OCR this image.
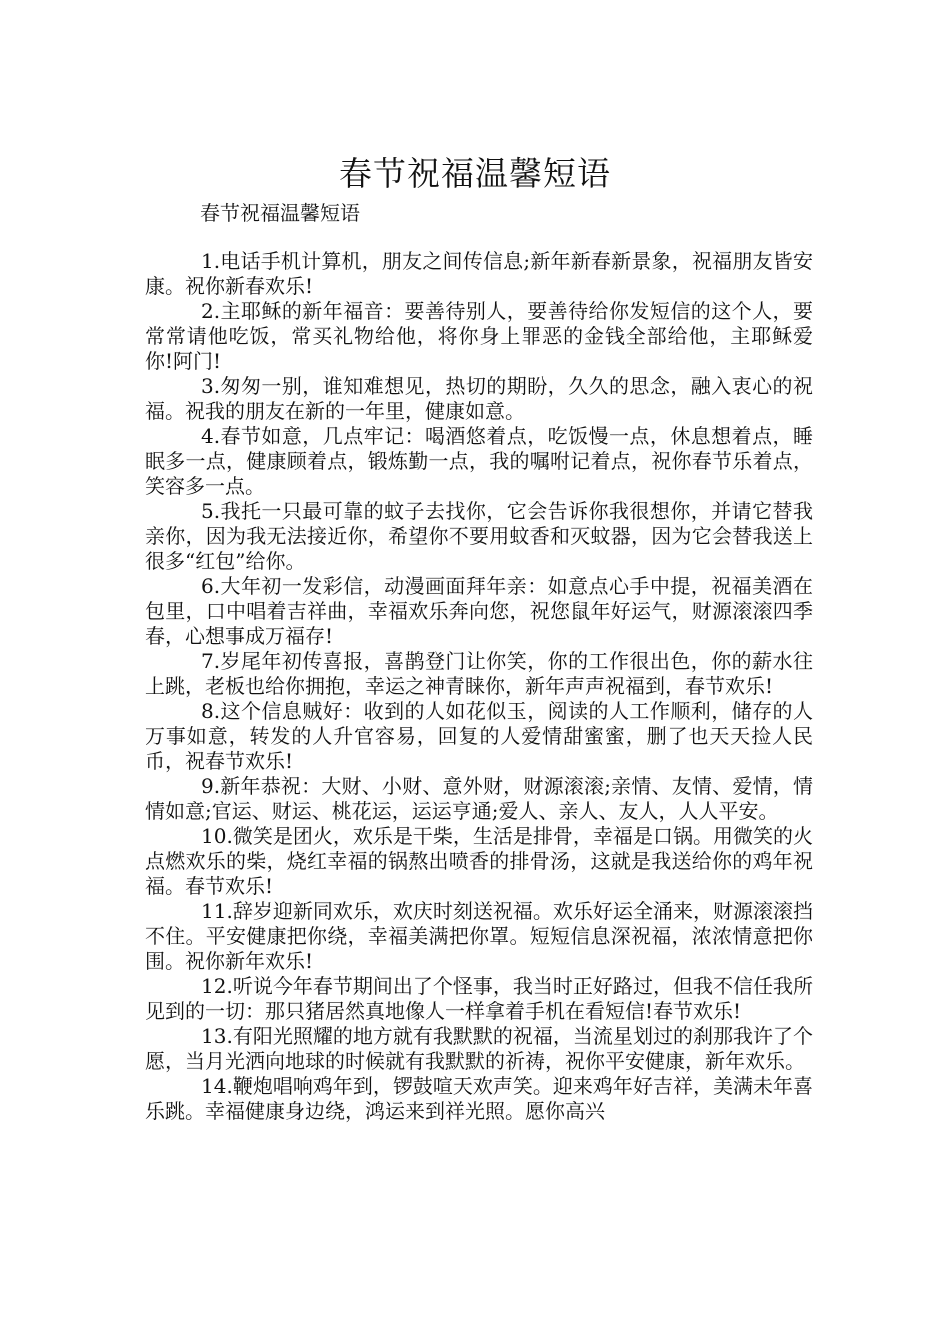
春节祝福温馨短语
春节祝福温馨短语

1.电话手机计算机，朋友之间传信息;新年新春新景象，祝福朋友皆安康。祝你新春欢乐!

2.主耶稣的新年福音：要善待别人，要善待给你发短信的这个人，要常常请他吃饭，常买礼物给他，将你身上罪恶的金钱全部给他，主耶稣爱你!阿门!

3.匆匆一别，谁知难想见，热切的期盼，久久的思念，融入衷心的祝福。祝我的朋友在新的一年里，健康如意。

4.春节如意，几点牢记：喝酒悠着点，吃饭慢一点，休息想着点，睡眠多一点，健康顾着点，锻炼勤一点，我的嘱咐记着点，祝你春节乐着点，笑容多一点。

5.我托一只最可靠的蚊子去找你，它会告诉你我很想你，并请它替我亲你，因为我无法接近你，希望你不要用蚊香和灭蚊器，因为它会替我送上很多“红包”给你。

6.大年初一发彩信，动漫画面拜年亲：如意点心手中提，祝福美酒在包里，口中唱着吉祥曲，幸福欢乐奔向您，祝您鼠年好运气，财源滚滚四季春，心想事成万福存!

7.岁尾年初传喜报，喜鹊登门让你笑，你的工作很出色，你的薪水往上跳，老板也给你拥抱，幸运之神青睐你，新年声声祝福到，春节欢乐!

8.这个信息贼好：收到的人如花似玉，阅读的人工作顺利，储存的人万事如意，转发的人升官容易，回复的人爱情甜蜜蜜，删了也天天捡人民币，祝春节欢乐!

9.新年恭祝：大财、小财、意外财，财源滚滚;亲情、友情、爱情，情情如意;官运、财运、桃花运，运运亨通;爱人、亲人、友人，人人平安。

10.微笑是团火，欢乐是干柴，生活是排骨，幸福是口锅。用微笑的火点燃欢乐的柴，烧红幸福的锅熬出喷香的排骨汤，这就是我送给你的鸡年祝福。春节欢乐!

11.辞岁迎新同欢乐，欢庆时刻送祝福。欢乐好运全涌来，财源滚滚挡不住。平安健康把你绕，幸福美满把你罩。短短信息深祝福，浓浓情意把你围。祝你新年欢乐!

12.听说今年春节期间出了个怪事，我当时正好路过，但我不信任我所见到的一切：那只猪居然真地像人一样拿着手机在看短信!春节欢乐!

13.有阳光照耀的地方就有我默默的祝福，当流星划过的刹那我许了个愿，当月光洒向地球的时候就有我默默的祈祷，祝你平安健康，新年欢乐。

14.鞭炮唱响鸡年到，锣鼓喧天欢声笑。迎来鸡年好吉祥，美满未年喜乐跳。幸福健康身边绕，鸿运来到祥光照。愿你高兴
